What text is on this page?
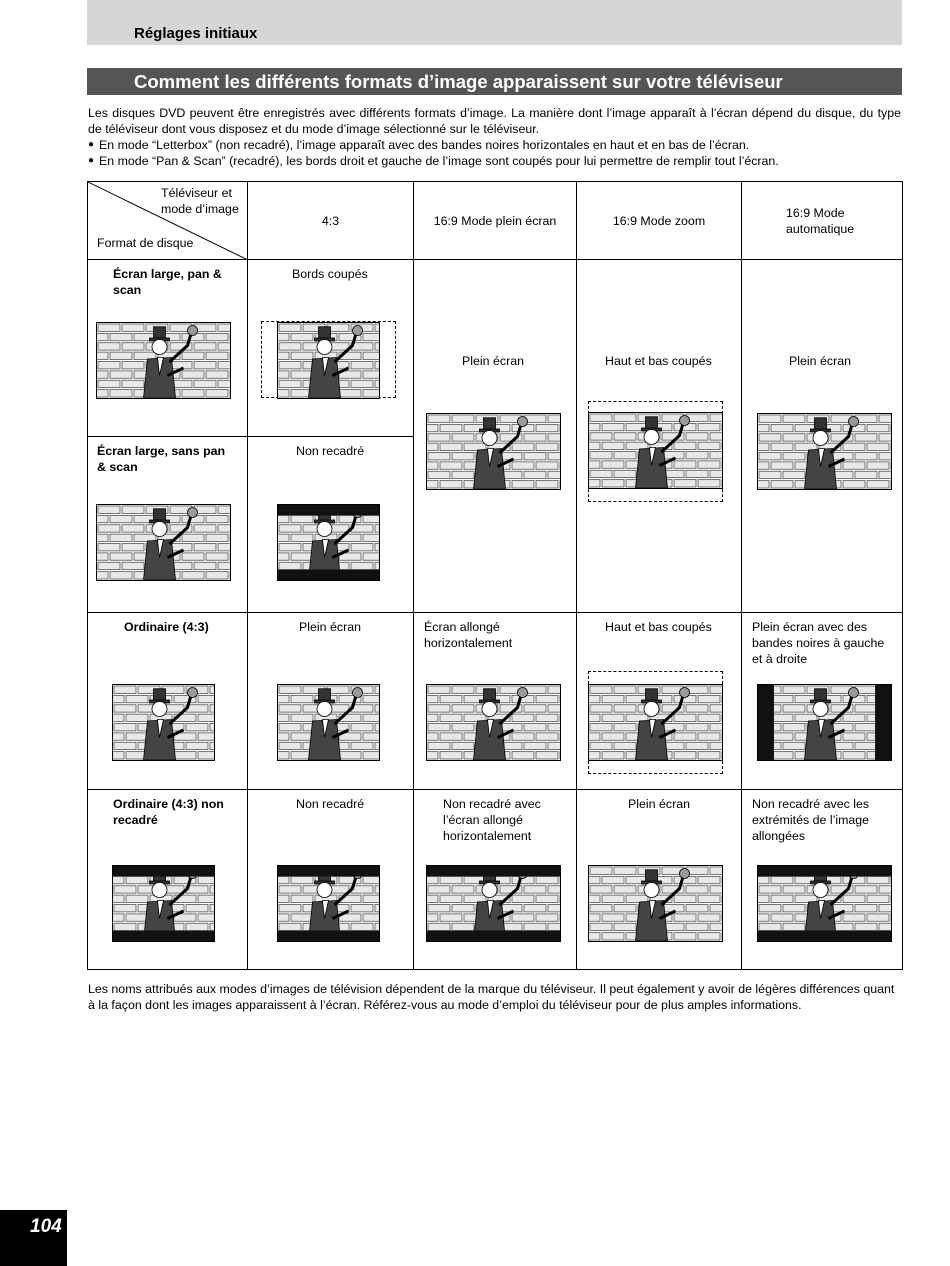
Réglages initiaux
Comment les différents formats d’image apparaissent sur votre téléviseur

Les disques DVD peuvent être enregistrés avec différents formats d’image. La manière dont l’image apparaît à l’écran dépend du disque, du type de téléviseur dont vous disposez et du mode d’image sélectionné sur le téléviseur.

● En mode “Letterbox” (non recadré), l’image apparaît avec des bandes noires horizontales en haut et en bas de l’écran.
● En mode “Pan & Scan” (recadré), les bords droit et gauche de l’image sont coupés pour lui permettre de remplir tout l’écran.
Téléviseur et mode d’image
Format de disque	4:3	16:9 Mode plein écran	16:9 Mode zoom	16:9 Mode automatique

Écran large, pan & scan	Bords coupés	Plein écran	Haut et bas coupés	Plein écran

Écran large, sans pan & scan	Non recadré			

Ordinaire (4:3)	Plein écran	Écran allongé horizontalement	Haut et bas coupés	Plein écran avec des bandes noires à gauche et à droite

Ordinaire (4:3) non recadré	Non recadré	Non recadré avec l’écran allongé horizontalement	Plein écran	Non recadré avec les extrémités de l’image allongées
Les noms attribués aux modes d’images de télévision dépendent de la marque du téléviseur. Il peut également y avoir de légères différences quant à la façon dont les images apparaissent à l’écran. Référez-vous au mode d’emploi du téléviseur pour de plus amples informations.
104
